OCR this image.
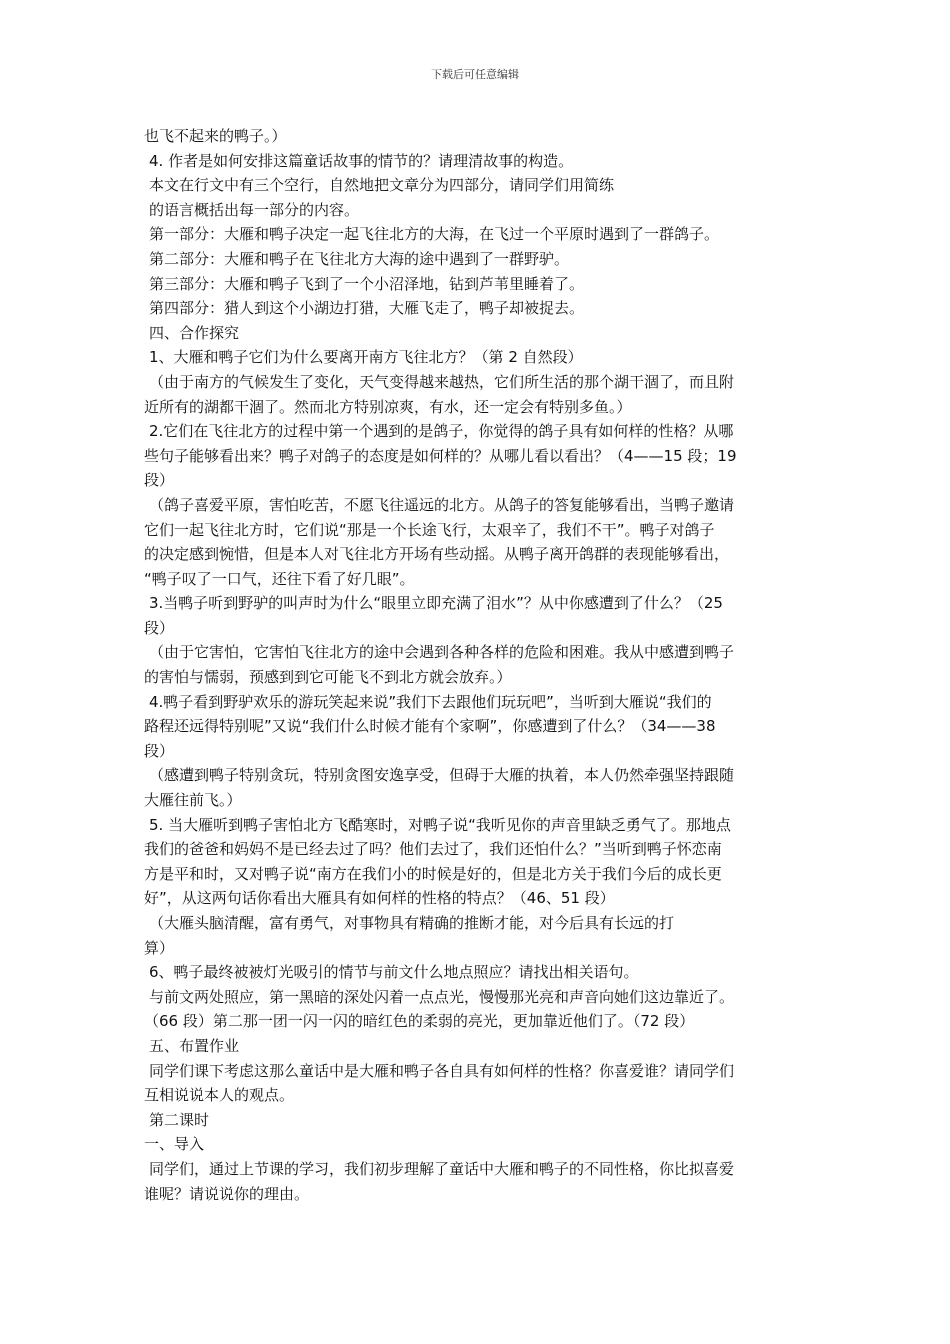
下载后可任意编辑

也飞不起来的鸭子。）

4. 作者是如何安排这篇童话故事的情节的？请理清故事的构造。

本文在行文中有三个空行，自然地把文章分为四部分，请同学们用简练

的语言概括出每一部分的内容。

第一部分：大雁和鸭子决定一起飞往北方的大海，在飞过一个平原时遇到了一群鸽子。

第二部分：大雁和鸭子在飞往北方大海的途中遇到了一群野驴。

第三部分：大雁和鸭子飞到了一个小沼泽地，钻到芦苇里睡着了。

第四部分：猎人到这个小湖边打猎，大雁飞走了，鸭子却被捉去。

四、合作探究

1、大雁和鸭子它们为什么要离开南方飞往北方？（第 2 自然段）

（由于南方的气候发生了变化，天气变得越来越热，它们所生活的那个湖干涸了，而且附

近所有的湖都干涸了。然而北方特别凉爽，有水，还一定会有特别多鱼。）

2.它们在飞往北方的过程中第一个遇到的是鸽子，你觉得的鸽子具有如何样的性格？从哪

些句子能够看出来？鸭子对鸽子的态度是如何样的？从哪儿看以看出？（4——15 段；19

段）

（鸽子喜爱平原，害怕吃苦，不愿飞往遥远的北方。从鸽子的答复能够看出，当鸭子邀请

它们一起飞往北方时，它们说“那是一个长途飞行，太艰辛了，我们不干”。鸭子对鸽子

的决定感到惋惜，但是本人对飞往北方开场有些动摇。从鸭子离开鸽群的表现能够看出，

“鸭子叹了一口气，还往下看了好几眼”。

3.当鸭子听到野驴的叫声时为什么“眼里立即充满了泪水”？从中你感遭到了什么？（25

段）

（由于它害怕，它害怕飞往北方的途中会遇到各种各样的危险和困难。我从中感遭到鸭子

的害怕与懦弱，预感到到它可能飞不到北方就会放弃。）

4.鸭子看到野驴欢乐的游玩笑起来说”我们下去跟他们玩玩吧”，当听到大雁说“我们的

路程还远得特别呢”又说“我们什么时候才能有个家啊”，你感遭到了什么？（34——38

段）

（感遭到鸭子特别贪玩，特别贪图安逸享受，但碍于大雁的执着，本人仍然牵强坚持跟随

大雁往前飞。）

5. 当大雁听到鸭子害怕北方飞酷寒时，对鸭子说“我听见你的声音里缺乏勇气了。那地点

我们的爸爸和妈妈不是已经去过了吗？他们去过了，我们还怕什么？”当听到鸭子怀恋南

方是平和时，又对鸭子说“南方在我们小的时候是好的，但是北方关于我们今后的成长更

好”，从这两句话你看出大雁具有如何样的性格的特点？（46、51 段）

（大雁头脑清醒，富有勇气，对事物具有精确的推断才能，对今后具有长远的打

算）

6、鸭子最终被被灯光吸引的情节与前文什么地点照应？请找出相关语句。

与前文两处照应，第一黑暗的深处闪着一点点光，慢慢那光亮和声音向她们这边靠近了。

（66 段）第二那一团一闪一闪的暗红色的柔弱的亮光，更加靠近他们了。（72 段）

五、布置作业

同学们课下考虑这那么童话中是大雁和鸭子各自具有如何样的性格？你喜爱谁？请同学们

互相说说本人的观点。

第二课时

一、导入

同学们，通过上节课的学习，我们初步理解了童话中大雁和鸭子的不同性格，你比拟喜爱

谁呢？请说说你的理由。
